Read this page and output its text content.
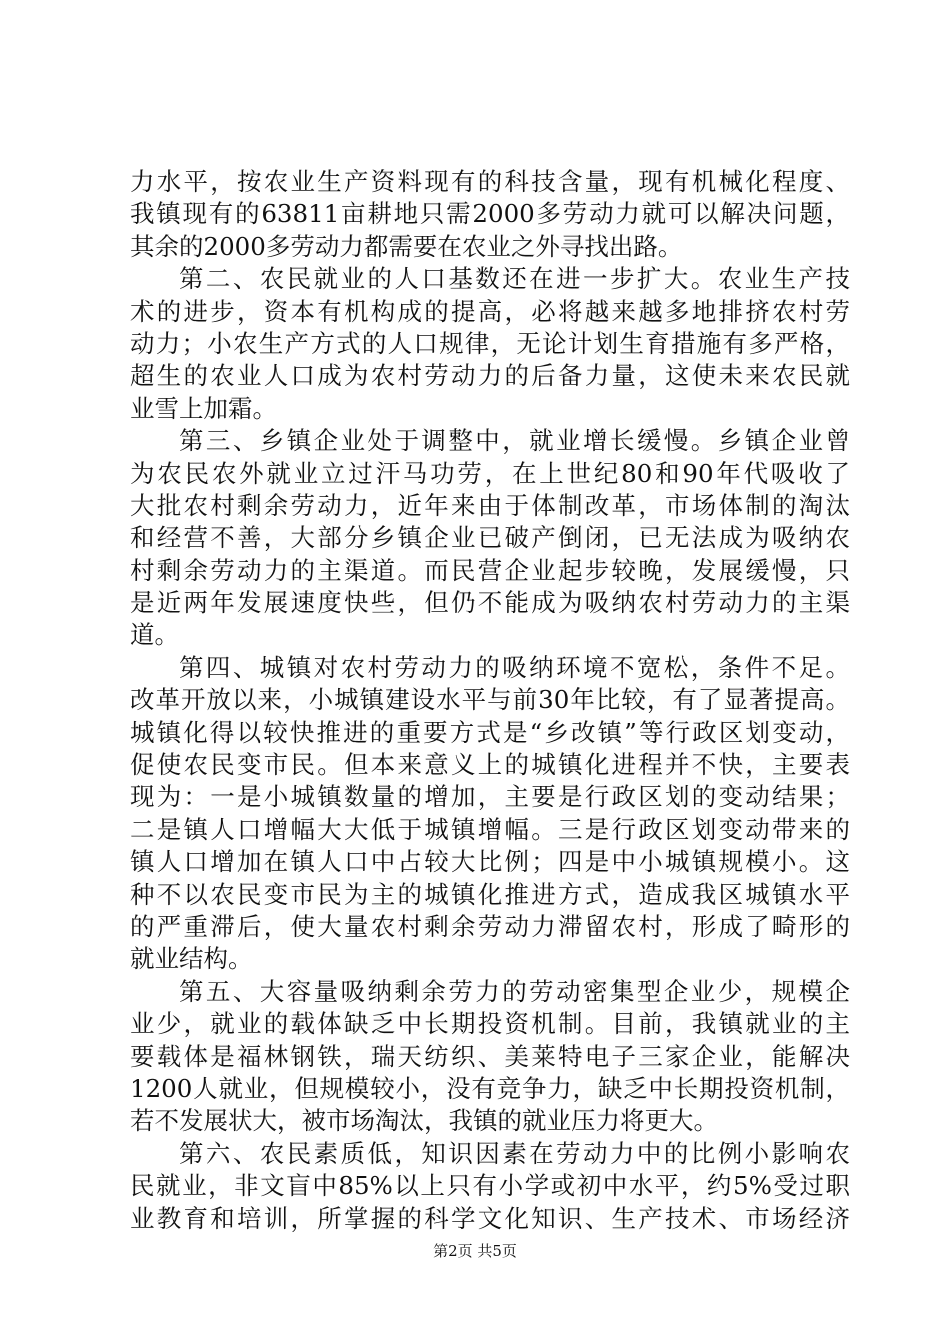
力水平，按农业生产资料现有的科技含量，现有机械化程度、
我镇现有的63811亩耕地只需2000多劳动力就可以解决问题，
其余的2000多劳动力都需要在农业之外寻找出路。
第二、农民就业的人口基数还在进一步扩大。农业生产技
术的进步，资本有机构成的提高，必将越来越多地排挤农村劳
动力；小农生产方式的人口规律，无论计划生育措施有多严格，
超生的农业人口成为农村劳动力的后备力量，这使未来农民就
业雪上加霜。
第三、乡镇企业处于调整中，就业增长缓慢。乡镇企业曾
为农民农外就业立过汗马功劳，在上世纪80和90年代吸收了
大批农村剩余劳动力，近年来由于体制改革，市场体制的淘汰
和经营不善，大部分乡镇企业已破产倒闭，已无法成为吸纳农
村剩余劳动力的主渠道。而民营企业起步较晚，发展缓慢，只
是近两年发展速度快些，但仍不能成为吸纳农村劳动力的主渠
道。
第四、城镇对农村劳动力的吸纳环境不宽松，条件不足。
改革开放以来，小城镇建设水平与前30年比较，有了显著提高。
城镇化得以较快推进的重要方式是“乡改镇”等行政区划变动，
促使农民变市民。但本来意义上的城镇化进程并不快，主要表
现为：一是小城镇数量的增加，主要是行政区划的变动结果；
二是镇人口增幅大大低于城镇增幅。三是行政区划变动带来的
镇人口增加在镇人口中占较大比例；四是中小城镇规模小。这
种不以农民变市民为主的城镇化推进方式，造成我区城镇水平
的严重滞后，使大量农村剩余劳动力滞留农村，形成了畸形的
就业结构。
第五、大容量吸纳剩余劳力的劳动密集型企业少，规模企
业少，就业的载体缺乏中长期投资机制。目前，我镇就业的主
要载体是福林钢铁，瑞天纺织、美莱特电子三家企业，能解决
1200人就业，但规模较小，没有竞争力，缺乏中长期投资机制，
若不发展状大，被市场淘汰，我镇的就业压力将更大。
第六、农民素质低，知识因素在劳动力中的比例小影响农
民就业，非文盲中85%以上只有小学或初中水平，约5%受过职
业教育和培训，所掌握的科学文化知识、生产技术、市场经济
第2页 共5页
